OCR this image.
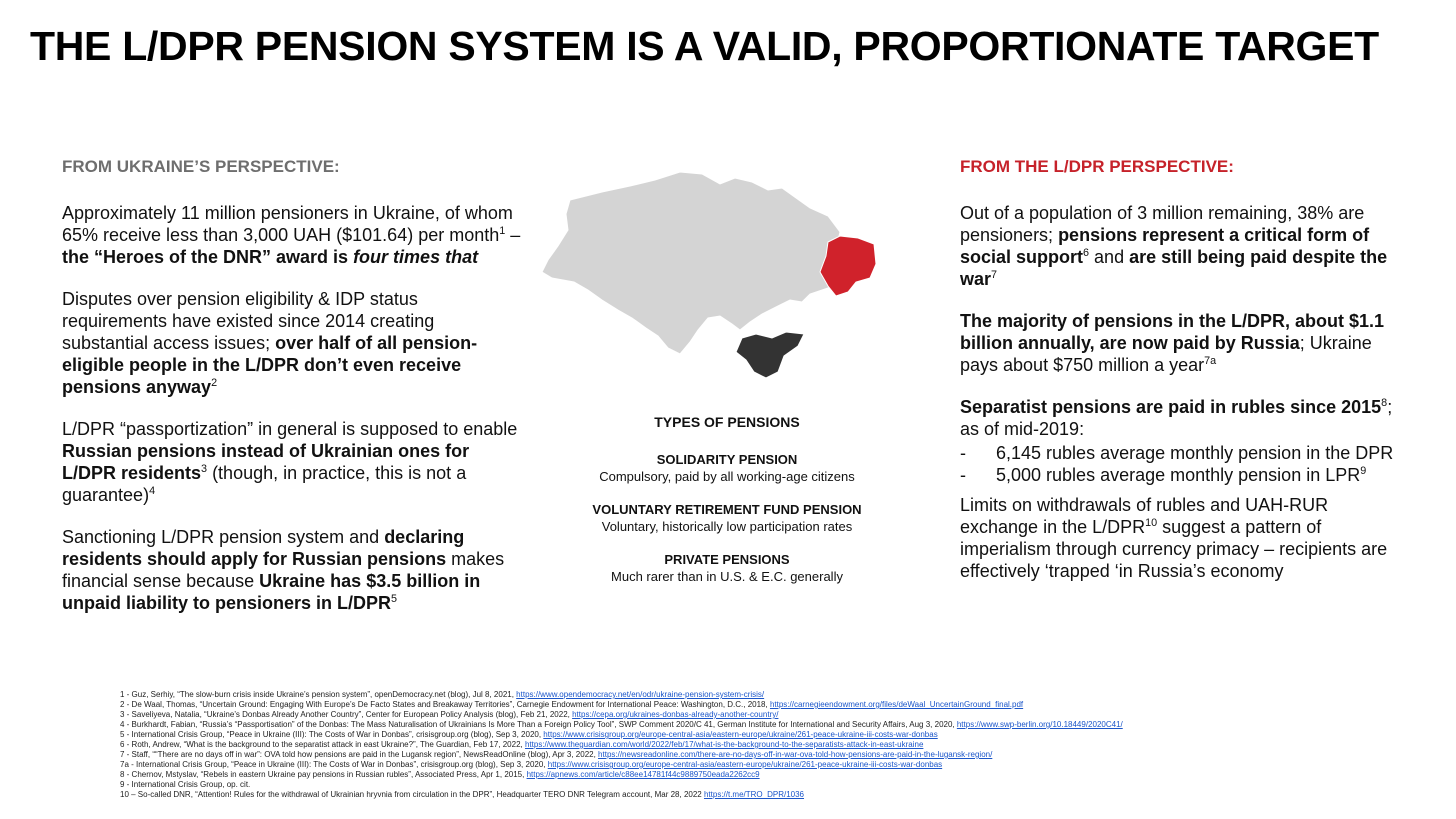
THE L/DPR PENSION SYSTEM IS A VALID, PROPORTIONATE TARGET
FROM UKRAINE’S PERSPECTIVE:

Approximately 11 million pensioners in Ukraine, of whom 65% receive less than 3,000 UAH ($101.64) per month$^1$ – the “Heroes of the DNR” award is four times that

Disputes over pension eligibility & IDP status requirements have existed since 2014 creating substantial access issues; over half of all pension-eligible people in the L/DPR don’t even receive pensions anyway$^2$

L/DPR “passportization” in general is supposed to enable Russian pensions instead of Ukrainian ones for L/DPR residents$^3$ (though, in practice, this is not a guarantee)$^4$

Sanctioning L/DPR pension system and declaring residents should apply for Russian pensions makes financial sense because Ukraine has $3.5 billion in unpaid liability to pensioners in L/DPR$^5$

TYPES OF PENSIONS
SOLIDARITY PENSION
Compulsory, paid by all working-age citizens
VOLUNTARY RETIREMENT FUND PENSION
Voluntary, historically low participation rates
PRIVATE PENSIONS
Much rarer than in U.S. & E.C. generally
FROM THE L/DPR PERSPECTIVE:

Out of a population of 3 million remaining, 38% are pensioners; pensions represent a critical form of social support$^6$ and are still being paid despite the war$^7$

The majority of pensions in the L/DPR, about $1.1 billion annually, are now paid by Russia; Ukraine pays about $750 million a year$^{7a}$

Separatist pensions are paid in rubles since 2015$^8$; as of mid-2019:
- 6,145 rubles average monthly pension in the DPR
- 5,000 rubles average monthly pension in LPR$^9$

Limits on withdrawals of rubles and UAH-RUR exchange in the L/DPR$^{10}$ suggest a pattern of imperialism through currency primacy – recipients are effectively ‘trapped ‘in Russia’s economy

1 - Guz, Serhiy, “The slow-burn crisis inside Ukraine’s pension system”, openDemocracy.net (blog), Jul 8, 2021, https://www.opendemocracy.net/en/odr/ukraine-pension-system-crisis/
2 - De Waal, Thomas, “Uncertain Ground: Engaging With Europe’s De Facto States and Breakaway Territories”, Carnegie Endowment for International Peace: Washington, D.C., 2018, https://carnegieendowment.org/files/deWaal_UncertainGround_final.pdf
3 - Saveliyeva, Natalia, “Ukraine’s Donbas Already Another Country”, Center for European Policy Analysis (blog), Feb 21, 2022, https://cepa.org/ukraines-donbas-already-another-country/
4 - Burkhardt, Fabian, “Russia’s “Passportisation” of the Donbas: The Mass Naturalisation of Ukrainians Is More Than a Foreign Policy Tool”, SWP Comment 2020/C 41, German Institute for International and Security Affairs, Aug 3, 2020, https://www.swp-berlin.org/10.18449/2020C41/
5 - International Crisis Group, “Peace in Ukraine (III): The Costs of War in Donbas”, crisisgroup.org (blog), Sep 3, 2020, https://www.crisisgroup.org/europe-central-asia/eastern-europe/ukraine/261-peace-ukraine-iii-costs-war-donbas
6 - Roth, Andrew, “What is the background to the separatist attack in east Ukraine?”, The Guardian, Feb 17, 2022, https://www.theguardian.com/world/2022/feb/17/what-is-the-background-to-the-separatists-attack-in-east-ukraine
7 - Staff, ““There are no days off in war”: OVA told how pensions are paid in the Lugansk region”, NewsReadOnline (blog), Apr 3, 2022, https://newsreadonline.com/there-are-no-days-off-in-war-ova-told-how-pensions-are-paid-in-the-lugansk-region/
7a - International Crisis Group, “Peace in Ukraine (III): The Costs of War in Donbas”, crisisgroup.org (blog), Sep 3, 2020, https://www.crisisgroup.org/europe-central-asia/eastern-europe/ukraine/261-peace-ukraine-iii-costs-war-donbas
8 - Chernov, Mstyslav, “Rebels in eastern Ukraine pay pensions in Russian rubles”, Associated Press, Apr 1, 2015, https://apnews.com/article/c88ee14781f44c9889750eada2262cc9
9 - International Crisis Group, op. cit.
10 – So-called DNR, “Attention! Rules for the withdrawal of Ukrainian hryvnia from circulation in the DPR”, Headquarter TERO DNR Telegram account, Mar 28, 2022 https://t.me/TRO_DPR/1036
